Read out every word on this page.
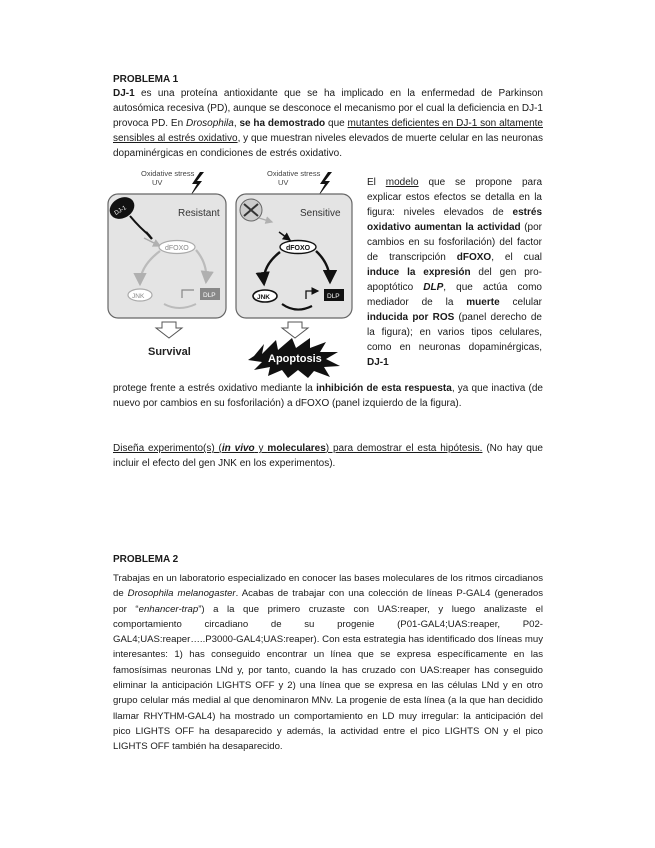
PROBLEMA 1
DJ-1 es una proteína antioxidante que se ha implicado en la enfermedad de Parkinson autosómica recesiva (PD), aunque se desconoce el mecanismo por el cual la deficiencia en DJ-1 provoca PD. En Drosophila, se ha demostrado que mutantes deficientes en DJ-1 son altamente sensibles al estrés oxidativo, y que muestran niveles elevados de muerte celular en las neuronas dopaminérgicas en condiciones de estrés oxidativo.
Oxidative stress
UV
Oxidative stress
UV
Resistant
DJ-1
dFOXO
JNK	DLP
Survival
Sensitive
dFOXO
JNK	DLP
Apoptosis
El modelo que se propone para explicar estos efectos se detalla en la figura: niveles elevados de estrés oxidativo aumentan la actividad (por cambios en su fosforilación) del factor de transcripción dFOXO, el cual induce la expresión del gen pro-apoptótico DLP, que actúa como mediador de la muerte celular inducida por ROS (panel derecho de la figura); en varios tipos celulares, como en neuronas dopaminérgicas, DJ-1
protege frente a estrés oxidativo mediante la inhibición de esta respuesta, ya que inactiva (de nuevo por cambios en su fosforilación) a dFOXO (panel izquierdo de la figura).
Diseña experimento(s) (in vivo y moleculares) para demostrar el esta hipótesis. (No hay que incluir el efecto del gen JNK en los experimentos).
PROBLEMA 2
Trabajas en un laboratorio especializado en conocer las bases moleculares de los ritmos circadianos de Drosophila melanogaster. Acabas de trabajar con una colección de líneas P-GAL4 (generados por “enhancer-trap”) a la que primero cruzaste con UAS:reaper, y luego analizaste el comportamiento circadiano de su progenie (P01-GAL4;UAS:reaper, P02-GAL4;UAS:reaper…..P3000-GAL4;UAS:reaper). Con esta estrategia has identificado dos líneas muy interesantes: 1) has conseguido encontrar un línea que se expresa específicamente en las famosísimas neuronas LNd y, por tanto, cuando la has cruzado con UAS:reaper has conseguido eliminar la anticipación LIGHTS OFF y 2) una línea que se expresa en las células LNd y en otro grupo celular más medial al que denominaron MNv. La progenie de esta línea (a la que han decidido llamar RHYTHM-GAL4) ha mostrado un comportamiento en LD muy irregular: la anticipación del pico LIGHTS OFF ha desaparecido y además, la actividad entre el pico LIGHTS ON y el pico LIGHTS OFF también ha desaparecido.
